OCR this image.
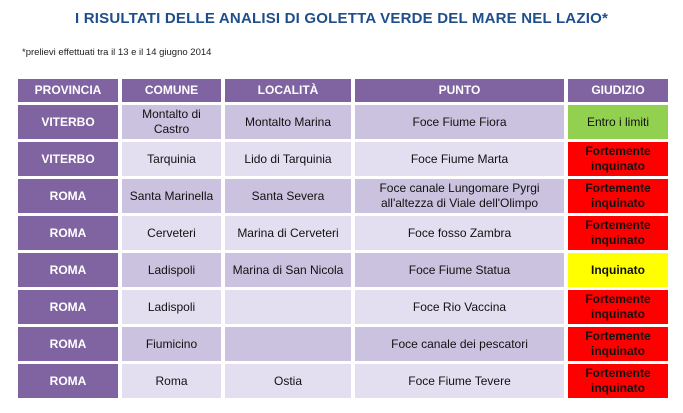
I RISULTATI DELLE ANALISI DI GOLETTA VERDE DEL MARE NEL LAZIO*
*prelievi effettuati tra il 13 e il 14 giugno 2014
PROVINCIA	COMUNE	LOCALITÀ	PUNTO	GIUDIZIO
VITERBO	Montalto di Castro	Montalto Marina	Foce Fiume Fiora	Entro i limiti
VITERBO	Tarquinia	Lido di Tarquinia	Foce Fiume Marta	Fortemente inquinato
ROMA	Santa Marinella	Santa Severa	Foce canale Lungomare Pyrgi all'altezza di Viale dell'Olimpo	Fortemente inquinato
ROMA	Cerveteri	Marina di Cerveteri	Foce fosso Zambra	Fortemente inquinato
ROMA	Ladispoli	Marina di San Nicola	Foce Fiume Statua	Inquinato
ROMA	Ladispoli		Foce Rio Vaccina	Fortemente inquinato
ROMA	Fiumicino		Foce canale dei pescatori	Fortemente inquinato
ROMA	Roma	Ostia	Foce Fiume Tevere	Fortemente inquinato
